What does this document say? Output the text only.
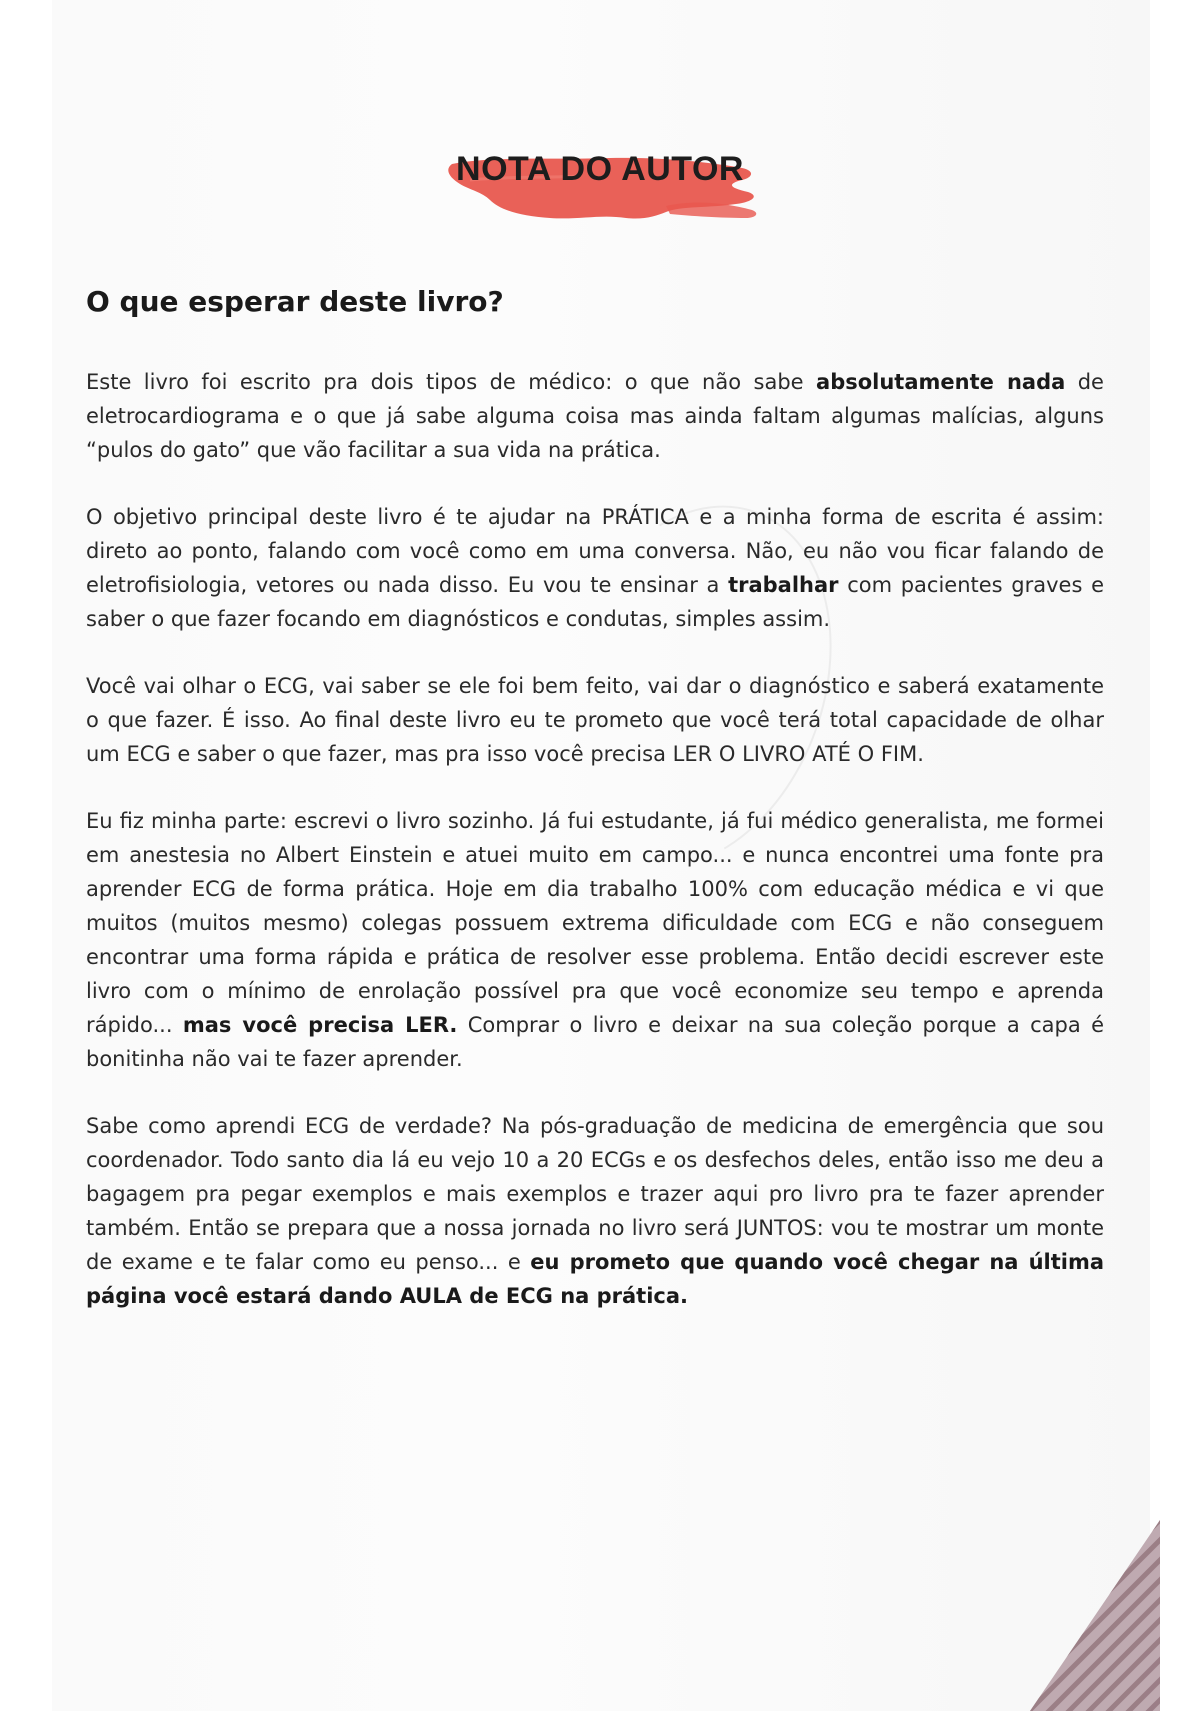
NOTA DO AUTOR
O que esperar deste livro?

Este livro foi escrito pra dois tipos de médico: o que não sabe absolutamente nada de eletrocardiograma e o que já sabe alguma coisa mas ainda faltam algumas malícias, alguns “pulos do gato” que vão facilitar a sua vida na prática.

O objetivo principal deste livro é te ajudar na PRÁTICA e a minha forma de escrita é assim: direto ao ponto, falando com você como em uma conversa. Não, eu não vou ficar falando de eletrofisiologia, vetores ou nada disso. Eu vou te ensinar a trabalhar com pacientes graves e saber o que fazer focando em diagnósticos e condutas, simples assim.

Você vai olhar o ECG, vai saber se ele foi bem feito, vai dar o diagnóstico e saberá exatamente o que fazer. É isso. Ao final deste livro eu te prometo que você terá total capacidade de olhar um ECG e saber o que fazer, mas pra isso você precisa LER O LIVRO ATÉ O FIM.

Eu fiz minha parte: escrevi o livro sozinho. Já fui estudante, já fui médico generalista, me formei em anestesia no Albert Einstein e atuei muito em campo... e nunca encontrei uma fonte pra aprender ECG de forma prática. Hoje em dia trabalho 100% com educação médica e vi que muitos (muitos mesmo) colegas possuem extrema dificuldade com ECG e não conseguem encontrar uma forma rápida e prática de resolver esse problema. Então decidi escrever este livro com o mínimo de enrolação possível pra que você economize seu tempo e aprenda rápido... mas você precisa LER. Comprar o livro e deixar na sua coleção porque a capa é bonitinha não vai te fazer aprender.

Sabe como aprendi ECG de verdade? Na pós-graduação de medicina de emergência que sou coordenador. Todo santo dia lá eu vejo 10 a 20 ECGs e os desfechos deles, então isso me deu a bagagem pra pegar exemplos e mais exemplos e trazer aqui pro livro pra te fazer aprender também. Então se prepara que a nossa jornada no livro será JUNTOS: vou te mostrar um monte de exame e te falar como eu penso... e eu prometo que quando você chegar na última página você estará dando AULA de ECG na prática.
